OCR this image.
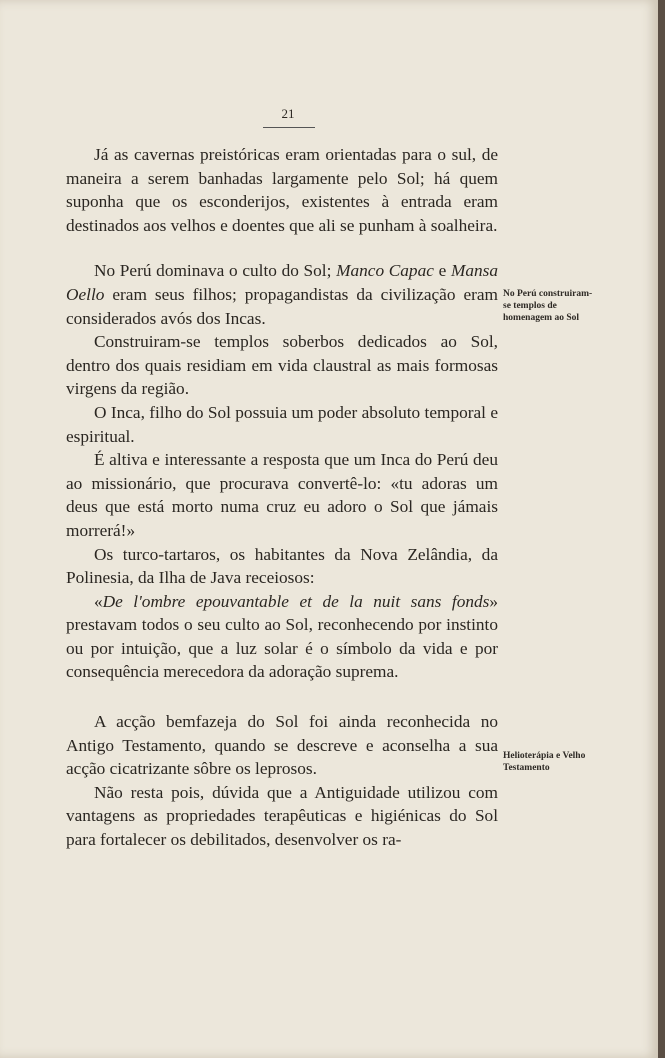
21

Já as cavernas preistóricas eram orientadas para o sul, de maneira a serem banhadas largamente pelo Sol; há quem suponha que os esconderijos, existentes à entrada eram destinados aos velhos e doentes que ali se punham à soalheira.

No Perú dominava o culto do Sol; Manco Capac e Mansa Oello eram seus filhos; propagandistas da civilização eram considerados avós dos Incas.

Construiram-se templos soberbos dedicados ao Sol, dentro dos quais residiam em vida claustral as mais formosas virgens da região.

O Inca, filho do Sol possuia um poder absoluto temporal e espiritual.

É altiva e interessante a resposta que um Inca do Perú deu ao missionário, que procurava convertê-lo: «tu adoras um deus que está morto numa cruz eu adoro o Sol que jámais morrerá!»

Os turco-tartaros, os habitantes da Nova Zelândia, da Polinesia, da Ilha de Java receiosos:

«De l'ombre epouvantable et de la nuit sans fonds» prestavam todos o seu culto ao Sol, reconhecendo por instinto ou por intuição, que a luz solar é o símbolo da vida e por consequência merecedora da adoração suprema.

A acção bemfazeja do Sol foi ainda reconhecida no Antigo Testamento, quando se descreve e aconselha a sua acção cicatrizante sôbre os leprosos.

Não resta pois, dúvida que a Antiguidade utilizou com vantagens as propriedades terapêuticas e higiénicas do Sol para fortalecer os debilitados, desenvolver os ra-

No Perú construiram-se templos de homenagem ao Sol
Helioterápia e Velho Testamento
